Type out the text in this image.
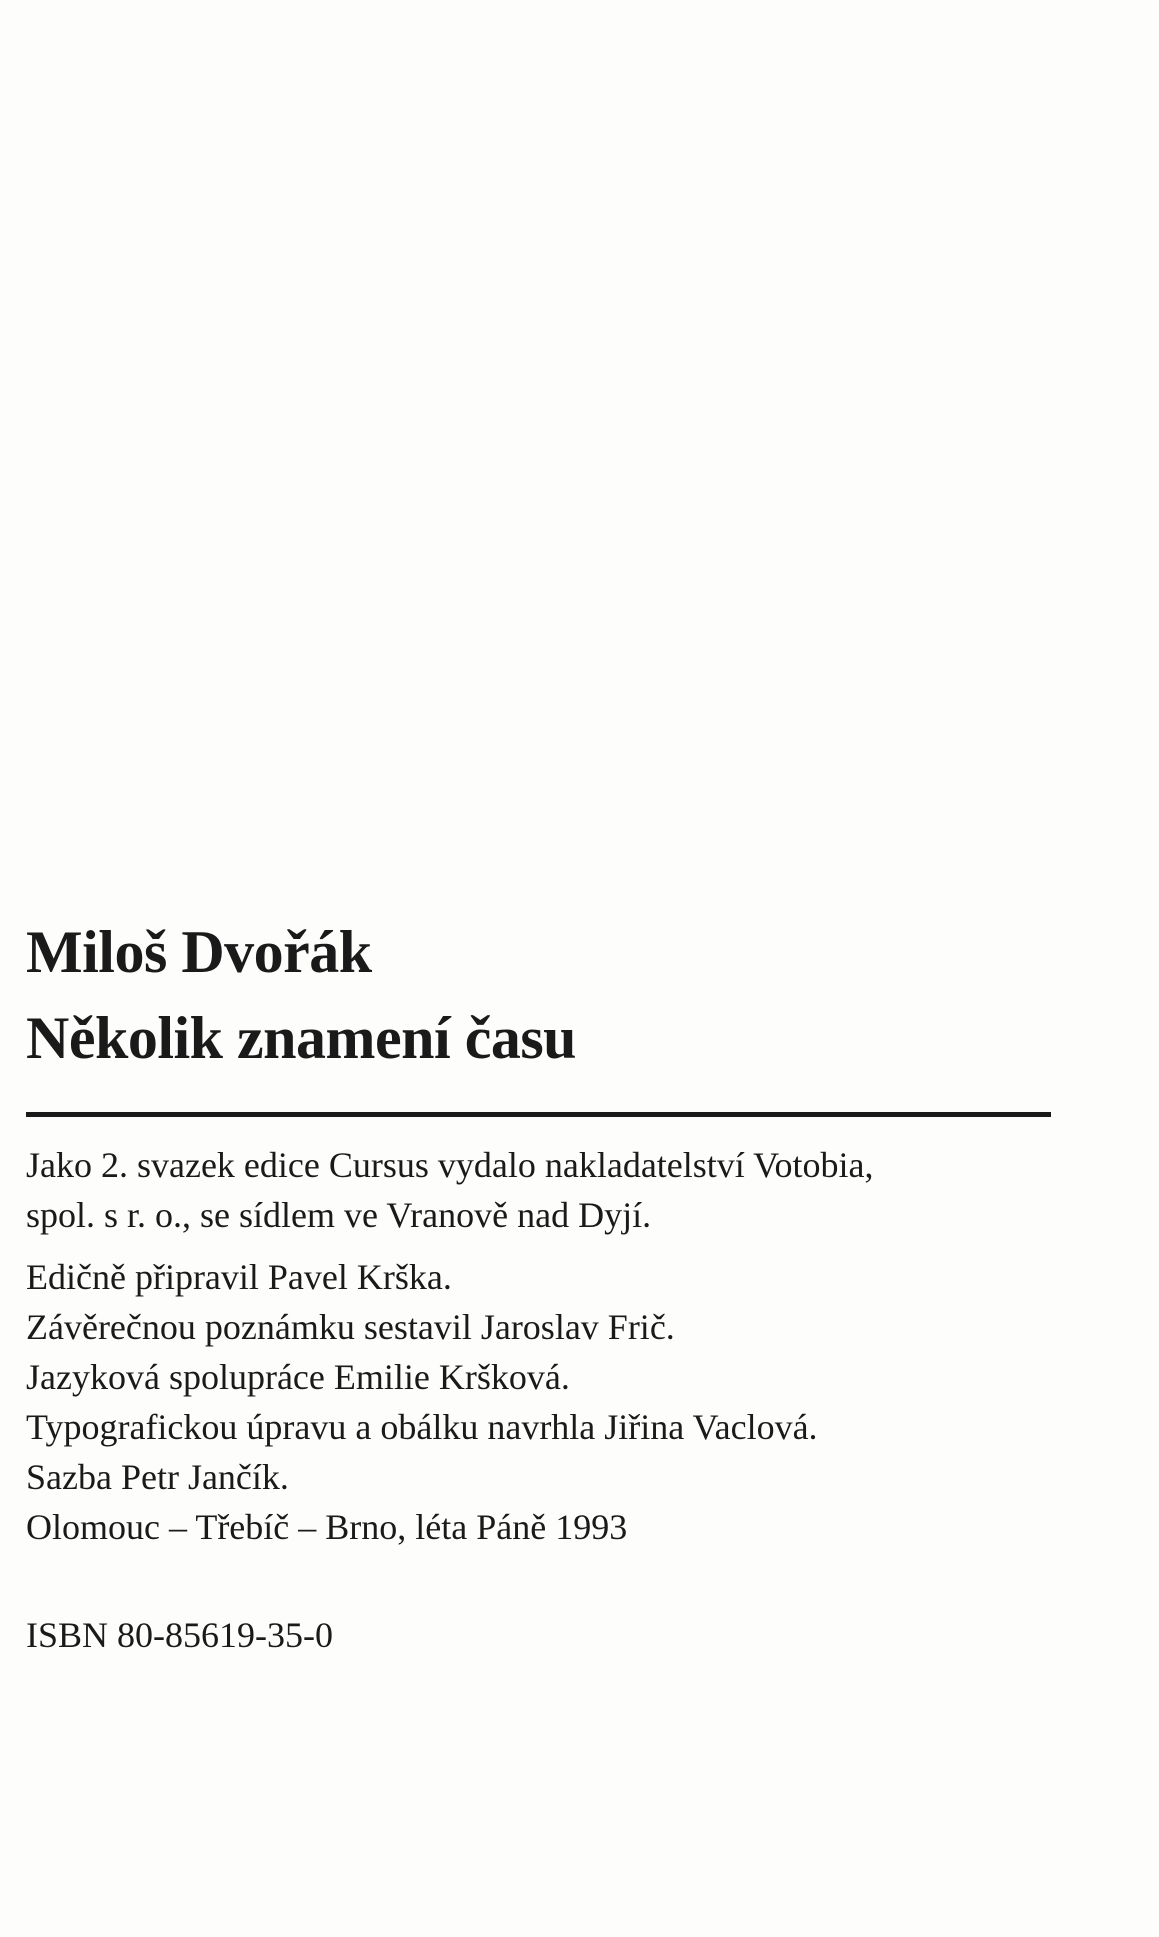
Miloš Dvořák
Několik znamení času
Jako 2. svazek edice Cursus vydalo nakladatelství Votobia,
spol. s r. o., se sídlem ve Vranově nad Dyjí.
Edičně připravil Pavel Krška.
Závěrečnou poznámku sestavil Jaroslav Frič.
Jazyková spolupráce Emilie Kršková.
Typografickou úpravu a obálku navrhla Jiřina Vaclová.
Sazba Petr Jančík.
Olomouc – Třebíč – Brno, léta Páně 1993
ISBN 80-85619-35-0
